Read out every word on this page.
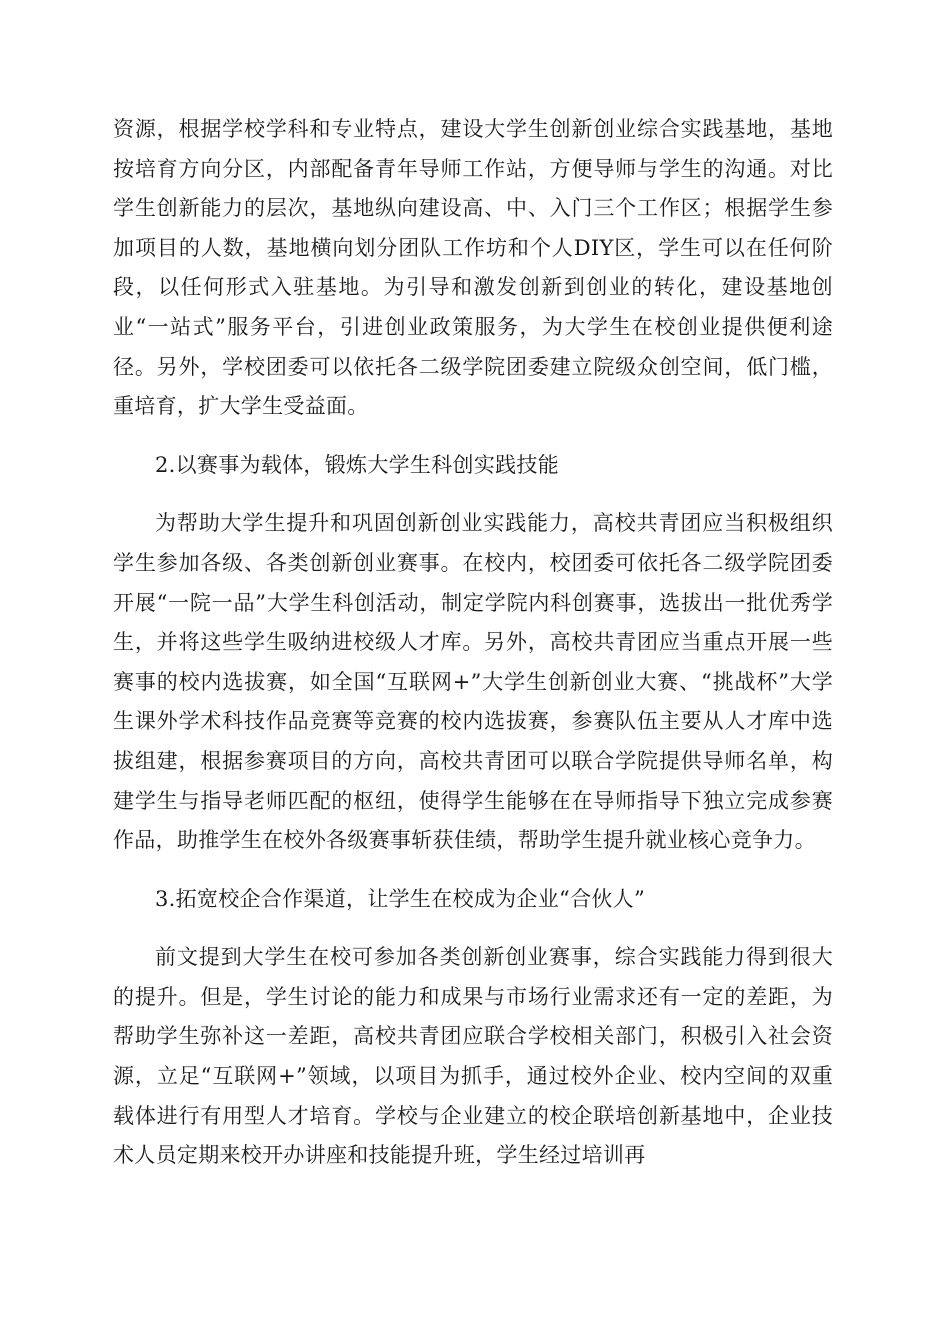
资源，根据学校学科和专业特点，建设大学生创新创业综合实践基地，基地按培育方向分区，内部配备青年导师工作站，方便导师与学生的沟通。对比学生创新能力的层次，基地纵向建设高、中、入门三个工作区；根据学生参加项目的人数，基地横向划分团队工作坊和个人DIY区，学生可以在任何阶段，以任何形式入驻基地。为引导和激发创新到创业的转化，建设基地创业“一站式”服务平台，引进创业政策服务，为大学生在校创业提供便利途径。另外，学校团委可以依托各二级学院团委建立院级众创空间，低门槛，重培育，扩大学生受益面。

2.以赛事为载体，锻炼大学生科创实践技能

为帮助大学生提升和巩固创新创业实践能力，高校共青团应当积极组织学生参加各级、各类创新创业赛事。在校内，校团委可依托各二级学院团委开展“一院一品”大学生科创活动，制定学院内科创赛事，选拔出一批优秀学生，并将这些学生吸纳进校级人才库。另外，高校共青团应当重点开展一些赛事的校内选拔赛，如全国“互联网+”大学生创新创业大赛、“挑战杯”大学生课外学术科技作品竞赛等竞赛的校内选拔赛，参赛队伍主要从人才库中选拔组建，根据参赛项目的方向，高校共青团可以联合学院提供导师名单，构建学生与指导老师匹配的枢纽，使得学生能够在在导师指导下独立完成参赛作品，助推学生在校外各级赛事斩获佳绩，帮助学生提升就业核心竞争力。

3.拓宽校企合作渠道，让学生在校成为企业“合伙人”

前文提到大学生在校可参加各类创新创业赛事，综合实践能力得到很大的提升。但是，学生讨论的能力和成果与市场行业需求还有一定的差距，为帮助学生弥补这一差距，高校共青团应联合学校相关部门，积极引入社会资源，立足“互联网+”领域，以项目为抓手，通过校外企业、校内空间的双重载体进行有用型人才培育。学校与企业建立的校企联培创新基地中，企业技术人员定期来校开办讲座和技能提升班，学生经过培训再
